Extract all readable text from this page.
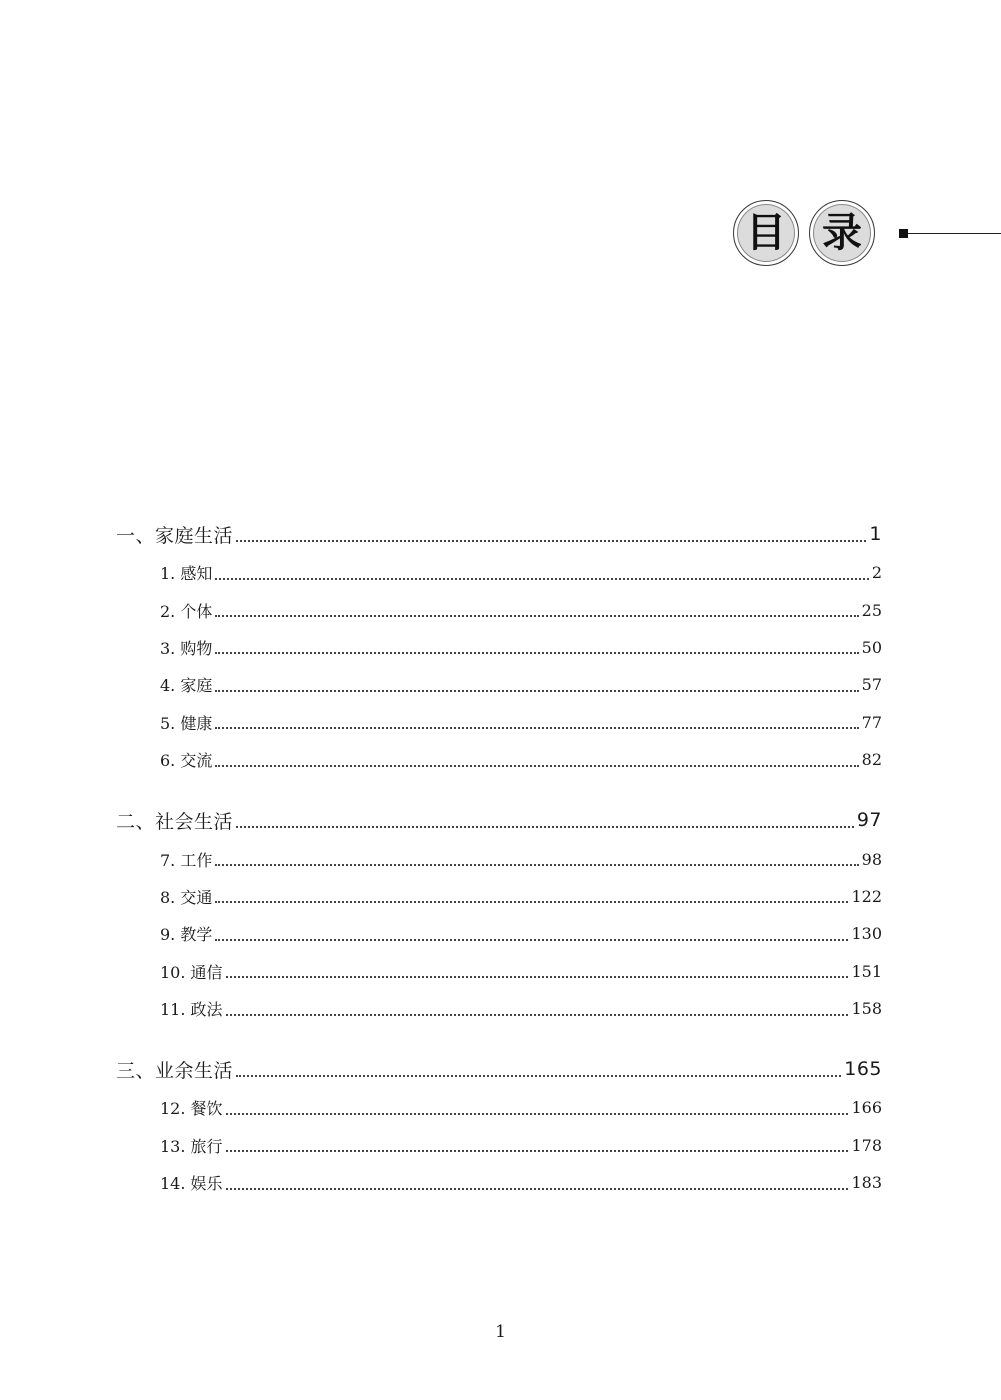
目 录
一、家庭生活	1
1. 感知	2
2. 个体	25
3. 购物	50
4. 家庭	57
5. 健康	77
6. 交流	82
二、社会生活	97
7. 工作	98
8. 交通	122
9. 教学	130
10. 通信	151
11. 政法	158
三、业余生活	165
12. 餐饮	166
13. 旅行	178
14. 娱乐	183
1
